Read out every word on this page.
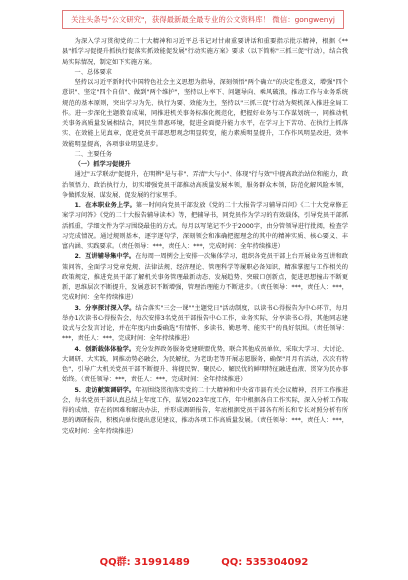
关注头条号"公文研究"，获得最新最全最专业的公文资料库！ 微信：gongwenyj

为深入学习贯彻党的二十大精神和习近平总书记对甘肃重要讲话和重要指示批示精神，根据《**县"抓学习促提升抓执行促落实抓效能促发展"行动实施方案》要求（以下简称"三抓三促"行动），结合我局实际情况，制定如下实施方案。

一、总体要求

坚持以习近平新时代中国特色社会主义思想为指导，深刻领悟"两个确立"的决定性意义，增强"四个意识"、坚定"四个自信"、做到"两个维护"，坚持以上率下、问题导向、乘风破浪，推动工作与业务系统规范的基本原则，突出学习为先、执行为要、效能为主，坚持以"三抓三促"行动为契机深入推进全局工作。进一步深化主题教育成果，同推进机关事务标准化规范化，把握好业务与工作谋划统一，同推动机关事务高质量发展相结合，同民生普惠环境，促进全面提升能力水平，在学习上下苦功、在执行上抓落实、在效能上见真章，促进党员干部思想观念明显转变，能力素质明显提升，工作作风明显改进，效率效能明显提高，各项事业明显进步。

二、主要任务

（一）抓学习促提升

通过"五学联动"促提升，在明辨"是与非"、弄清"大与小"、体现"行与效"中提高政治站位和能力，政治领悟力、政治执行力，切实增强党员干部推动高质量发展本领，服务群众本领，防范化解风险本领，争做抓发展、谋发展、促发展的行家里手。

1．在本职业务上学。第一时间向党员干部发放《党的二十大报告学习辅导百问》《二十大党章修正案学习问答》《党的二十大报告辅导读本》等，把辅导书，同党员作为学习的有效载体，引导党员干部抓活抓重，学细文件为学习围绕最佳的方式。每月以写笔记不少于2000字，由分管领导进行批阅，检查学习完成情况。通过规则基本，逐字逐句学，深刻领会和准确把握理念的其中的精神实质、核心要义、丰富内涵、实践要求。（责任领导：***，责任人：***，完成时间：全年持续推进）

2．互讲辅导集中学。在每周一周例会上安排一次集体学习，组织各党员干部上台开展业务互讲和政策问答，全面学习党章党规、法律法规、经济理论、管理科学等履职必备知识，精准掌握与工作相关的政策规定，推进党员干部了解机关事务管理最新动态、发展趋势、突破口创新点，促进思想撞击不断更新，思维层次不断提升，发展意识不断增强，管理治理能力不断进步。（责任领导：***，责任人：***，完成时间：全年持续推进）

3．分享探讨深入学。结合落实"三会一课""主题党日"活动制度，以读书心得报告为中心环节，每月举办1次读书心得报告会，每次安排3名党员干部报告中心工作，业务实际，分享读书心得，其他同志建设式与会发言讨论，并在年度内由委确选"有情怀、多读书、勤思考、能实干"的良好氛围。（责任领导：***，责任人：***，完成时间：全年持续推进）

4．创新载体体验学。充分发挥政务服务党建联盟优势，联合其他成员单位，采取大学习、大讨论、大调研、大实践，同推动势必融会，为民解忧，为老助老等开展志愿服务，确保"月月有活动，次次有特色"，引导广大机关党员干部不断提升、将提民智、聚民心、解民忧的鲜明特征融进血液、贯穿为民办事始终。（责任领导：***，责任人：***，完成时间：全年持续推进）

5．走访献策调研学。年初围绕贯彻落实党的二十大精神和中央省市县有关会议精神，召开工作推进会，每名党员干部认真总结上年度工作，谋划2023年度工作，年中根据各自工作实际，深入分析工作取得的成绩、存在的困难和解决办法，并形成调研报告，年底根据党员干部各有所长和专长对照分析有所思的调研报告，积极向单位提出意见建议，推动各项工作高质量发展。（责任领导：***，责任人：***，完成时间：全年持续推进）

QQ群: 31991489	QQ: 535304092
